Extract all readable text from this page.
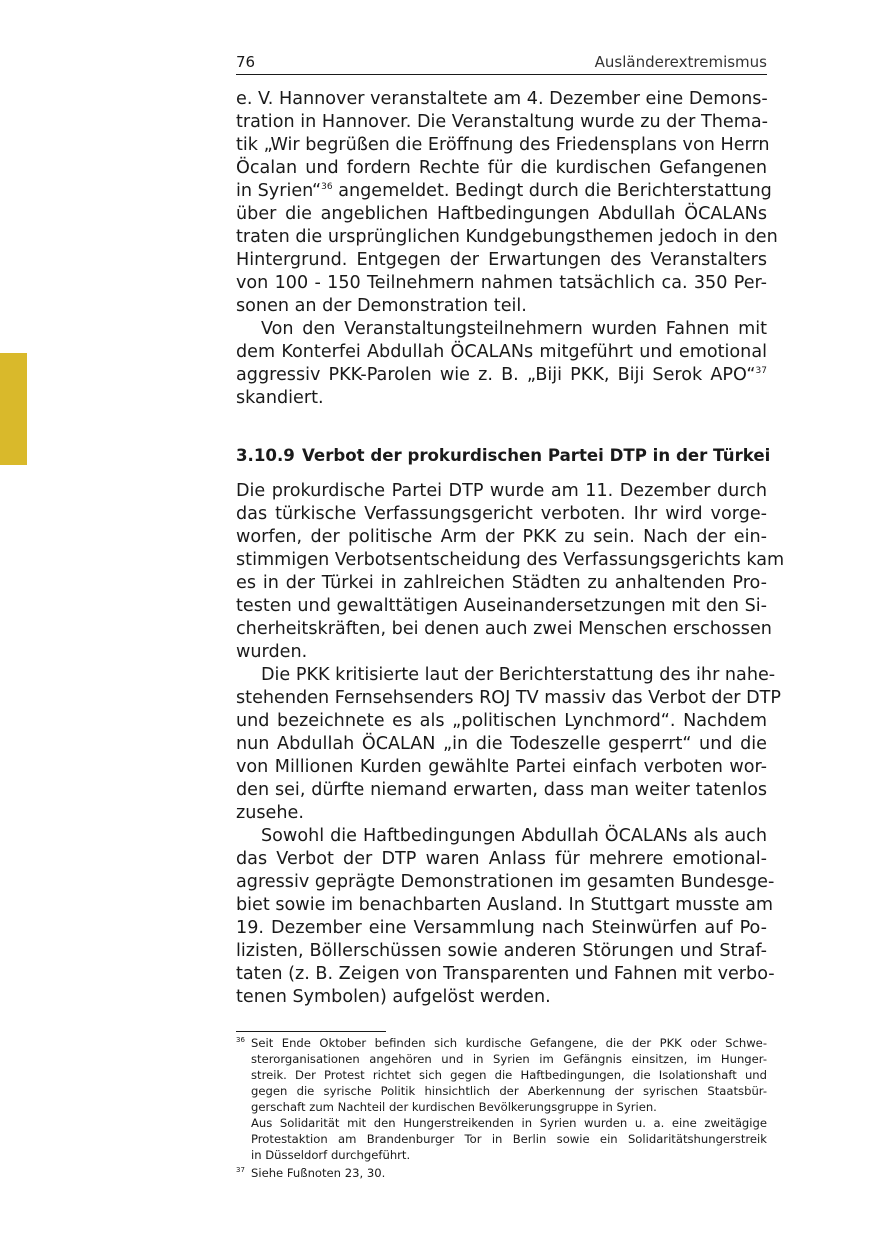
76	Ausländerextremismus
e. V. Hannover veranstaltete am 4. Dezember eine Demons-
tration in Hannover. Die Veranstaltung wurde zu der Thema-
tik „Wir begrüßen die Eröffnung des Friedensplans von Herrn
Öcalan und fordern Rechte für die kurdischen Gefangenen
in Syrien“$^{36}$ angemeldet. Bedingt durch die Berichterstattung
über die angeblichen Haftbedingungen Abdullah ÖCALANs
traten die ursprünglichen Kundgebungsthemen jedoch in den
Hintergrund. Entgegen der Erwartungen des Veranstalters
von 100 - 150 Teilnehmern nahmen tatsächlich ca. 350 Per-
sonen an der Demonstration teil.
Von den Veranstaltungsteilnehmern wurden Fahnen mit
dem Konterfei Abdullah ÖCALANs mitgeführt und emotional
aggressiv PKK-Parolen wie z. B. „Biji PKK, Biji Serok APO“$^{37}$
skandiert.
3.10.9 Verbot der prokurdischen Partei DTP in der Türkei
Die prokurdische Partei DTP wurde am 11. Dezember durch
das türkische Verfassungsgericht verboten. Ihr wird vorge-
worfen, der politische Arm der PKK zu sein. Nach der ein-
stimmigen Verbotsentscheidung des Verfassungsgerichts kam
es in der Türkei in zahlreichen Städten zu anhaltenden Pro-
testen und gewalttätigen Auseinandersetzungen mit den Si-
cherheitskräften, bei denen auch zwei Menschen erschossen
wurden.
Die PKK kritisierte laut der Berichterstattung des ihr nahe-
stehenden Fernsehsenders ROJ TV massiv das Verbot der DTP
und bezeichnete es als „politischen Lynchmord“. Nachdem
nun Abdullah ÖCALAN „in die Todeszelle gesperrt“ und die
von Millionen Kurden gewählte Partei einfach verboten wor-
den sei, dürfte niemand erwarten, dass man weiter tatenlos
zusehe.
Sowohl die Haftbedingungen Abdullah ÖCALANs als auch
das Verbot der DTP waren Anlass für mehrere emotional-
agressiv geprägte Demonstrationen im gesamten Bundesge-
biet sowie im benachbarten Ausland. In Stuttgart musste am
19. Dezember eine Versammlung nach Steinwürfen auf Po-
lizisten, Böllerschüssen sowie anderen Störungen und Straf-
taten (z. B. Zeigen von Transparenten und Fahnen mit verbo-
tenen Symbolen) aufgelöst werden.
$^{36}$ Seit Ende Oktober befinden sich kurdische Gefangene, die der PKK oder Schwe-
sterorganisationen angehören und in Syrien im Gefängnis einsitzen, im Hunger-
streik. Der Protest richtet sich gegen die Haftbedingungen, die Isolationshaft und
gegen die syrische Politik hinsichtlich der Aberkennung der syrischen Staatsbür-
gerschaft zum Nachteil der kurdischen Bevölkerungsgruppe in Syrien.
Aus Solidarität mit den Hungerstreikenden in Syrien wurden u. a. eine zweitägige
Protestaktion am Brandenburger Tor in Berlin sowie ein Solidaritätshungerstreik
in Düsseldorf durchgeführt.
$^{37}$ Siehe Fußnoten 23, 30.
